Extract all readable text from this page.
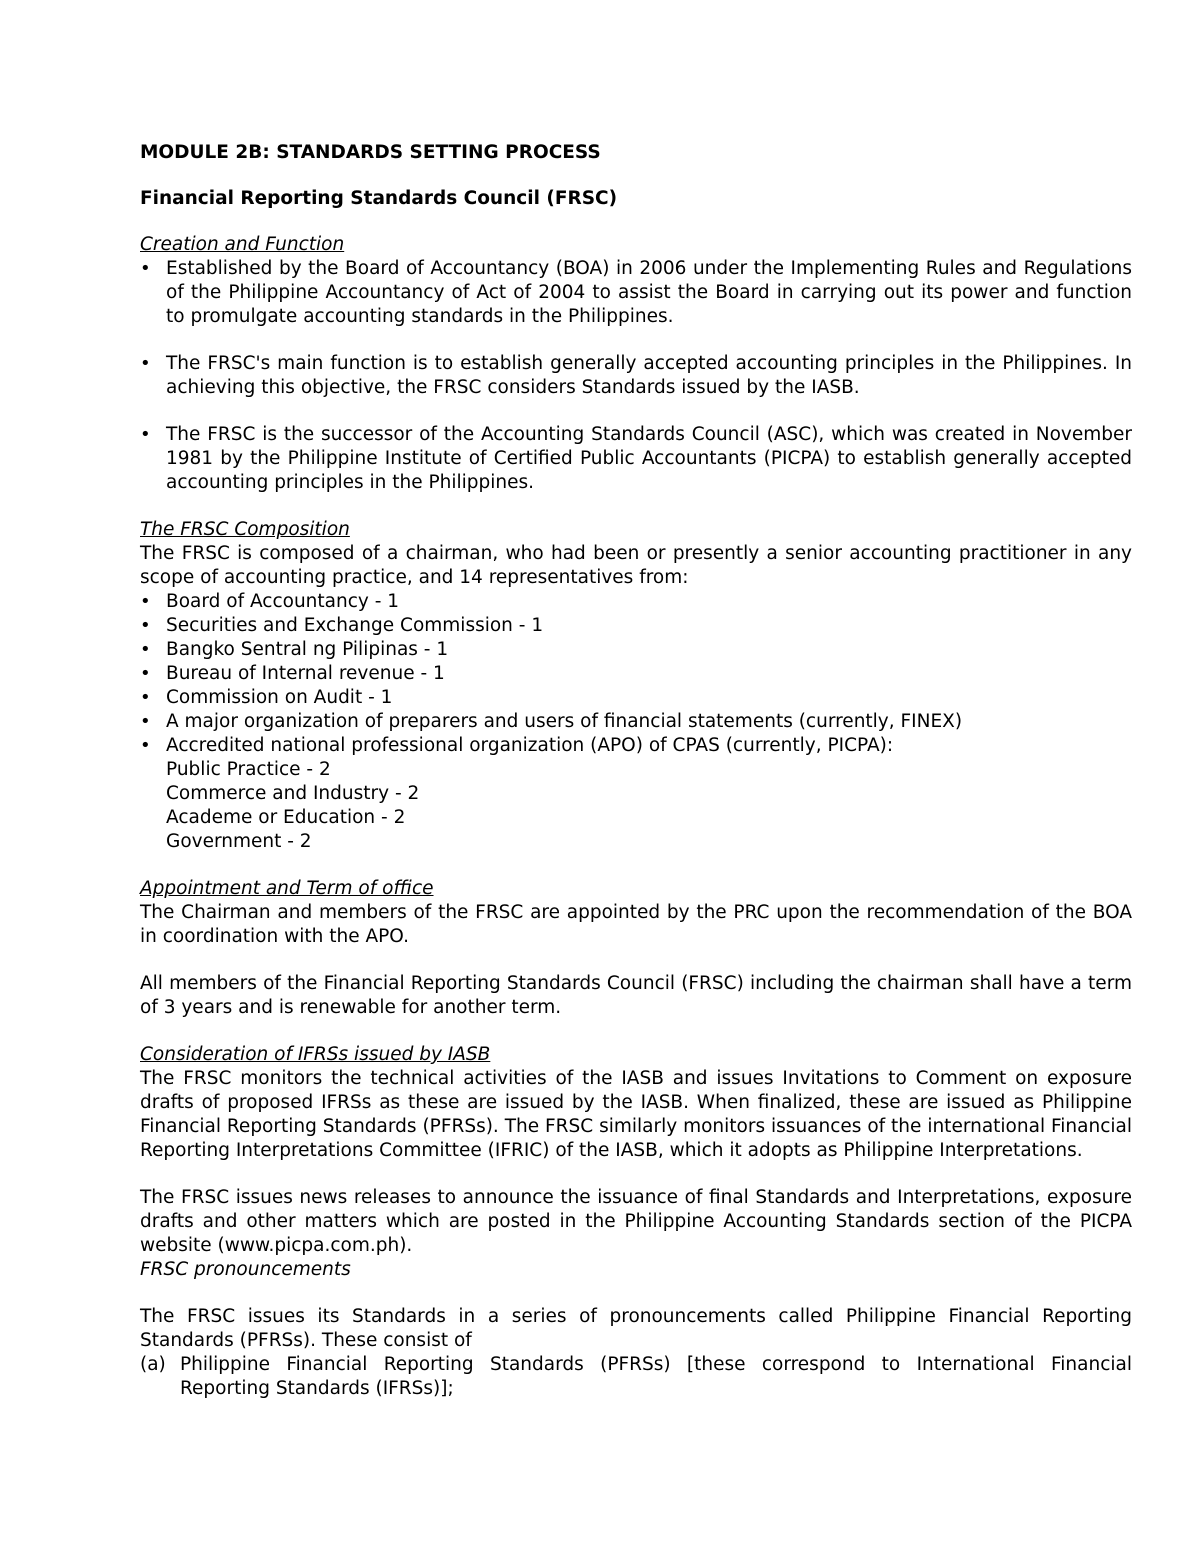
MODULE 2B: STANDARDS SETTING PROCESS

Financial Reporting Standards Council (FRSC)

Creation and Function

• Established by the Board of Accountancy (BOA) in 2006 under the Implementing Rules and Regulations of the Philippine Accountancy of Act of 2004 to assist the Board in carrying out its power and function to promulgate accounting standards in the Philippines.
• The FRSC's main function is to establish generally accepted accounting principles in the Philippines. In achieving this objective, the FRSC considers Standards issued by the IASB.
• The FRSC is the successor of the Accounting Standards Council (ASC), which was created in November 1981 by the Philippine Institute of Certified Public Accountants (PICPA) to establish generally accepted accounting principles in the Philippines.

The FRSC Composition

The FRSC is composed of a chairman, who had been or presently a senior accounting practitioner in any scope of accounting practice, and 14 representatives from:

• Board of Accountancy - 1
• Securities and Exchange Commission - 1
• Bangko Sentral ng Pilipinas - 1
• Bureau of Internal revenue - 1
• Commission on Audit - 1
• A major organization of preparers and users of financial statements (currently, FINEX)
• Accredited national professional organization (APO) of CPAS (currently, PICPA):

Public Practice - 2

Commerce and Industry - 2

Academe or Education - 2

Government - 2

Appointment and Term of office

The Chairman and members of the FRSC are appointed by the PRC upon the recommendation of the BOA in coordination with the APO.

All members of the Financial Reporting Standards Council (FRSC) including the chairman shall have a term of 3 years and is renewable for another term.

Consideration of IFRSs issued by IASB

The FRSC monitors the technical activities of the IASB and issues Invitations to Comment on exposure drafts of proposed IFRSs as these are issued by the IASB. When finalized, these are issued as Philippine Financial Reporting Standards (PFRSs). The FRSC similarly monitors issuances of the international Financial Reporting Interpretations Committee (IFRIC) of the IASB, which it adopts as Philippine Interpretations.

The FRSC issues news releases to announce the issuance of final Standards and Interpretations, exposure drafts and other matters which are posted in the Philippine Accounting Standards section of the PICPA website (www.picpa.com.ph).

FRSC pronouncements

The FRSC issues its Standards in a series of pronouncements called Philippine Financial Reporting Standards (PFRSs). These consist of

(a) Philippine Financial Reporting Standards (PFRSs) [these correspond to International Financial Reporting Standards (IFRSs)];
